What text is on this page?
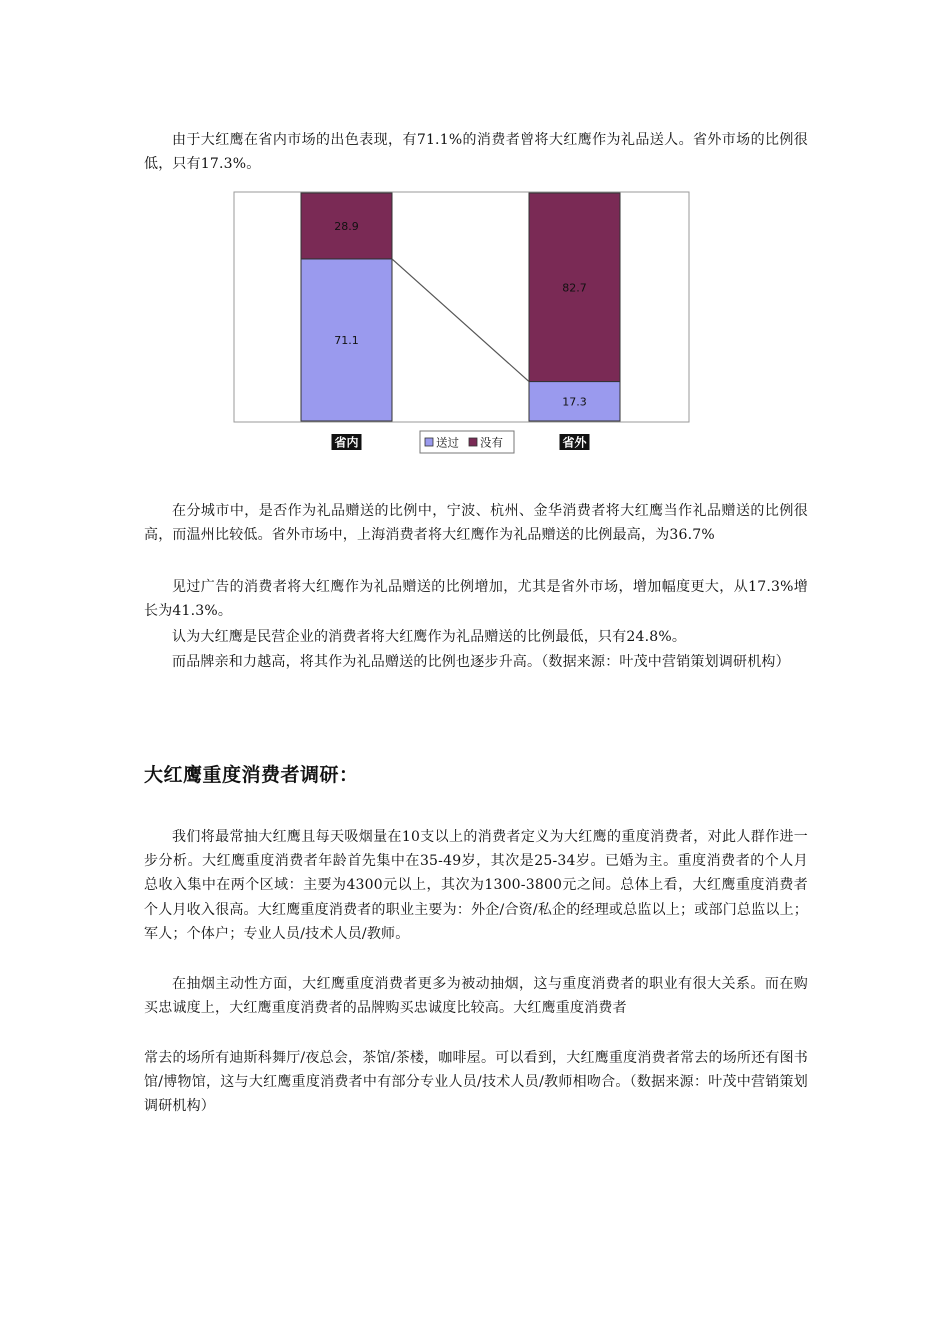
由于大红鹰在省内市场的出色表现，有71.1%的消费者曾将大红鹰作为礼品送人。省外市场的比例很低，只有17.3%。

71.1
28.9
17.3
82.7
省内	省外
送过 没有

在分城市中，是否作为礼品赠送的比例中，宁波、杭州、金华消费者将大红鹰当作礼品赠送的比例很高，而温州比较低。省外市场中，上海消费者将大红鹰作为礼品赠送的比例最高，为36.7%

见过广告的消费者将大红鹰作为礼品赠送的比例增加，尤其是省外市场，增加幅度更大，从17.3%增长为41.3%。

认为大红鹰是民营企业的消费者将大红鹰作为礼品赠送的比例最低，只有24.8%。

而品牌亲和力越高，将其作为礼品赠送的比例也逐步升高。（数据来源：叶茂中营销策划调研机构）

大红鹰重度消费者调研：

我们将最常抽大红鹰且每天吸烟量在10支以上的消费者定义为大红鹰的重度消费者，对此人群作进一步分析。大红鹰重度消费者年龄首先集中在35-49岁，其次是25-34岁。已婚为主。重度消费者的个人月总收入集中在两个区域：主要为4300元以上，其次为1300-3800元之间。总体上看，大红鹰重度消费者个人月收入很高。大红鹰重度消费者的职业主要为：外企/合资/私企的经理或总监以上；或部门总监以上；军人；个体户；专业人员/技术人员/教师。

在抽烟主动性方面，大红鹰重度消费者更多为被动抽烟，这与重度消费者的职业有很大关系。而在购买忠诚度上，大红鹰重度消费者的品牌购买忠诚度比较高。大红鹰重度消费者

常去的场所有迪斯科舞厅/夜总会，茶馆/茶楼，咖啡屋。可以看到，大红鹰重度消费者常去的场所还有图书馆/博物馆，这与大红鹰重度消费者中有部分专业人员/技术人员/教师相吻合。（数据来源：叶茂中营销策划调研机构）
